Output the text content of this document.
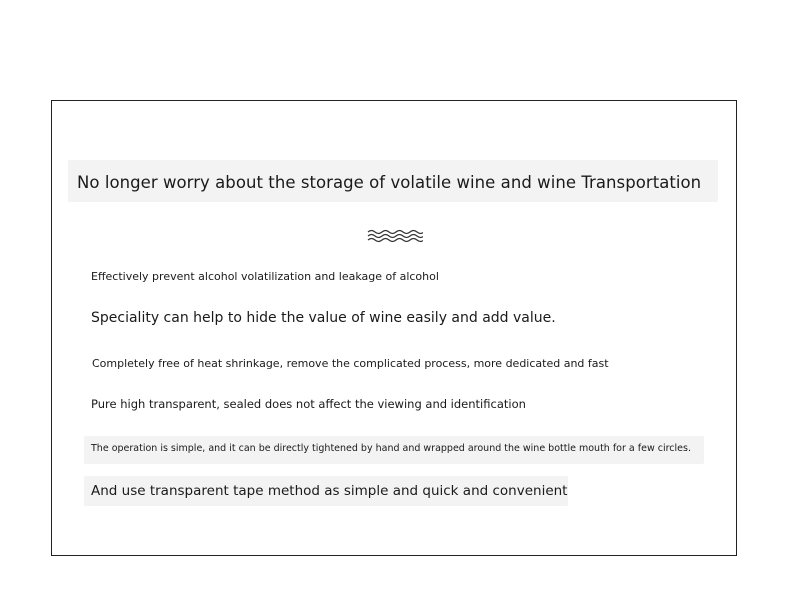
No longer worry about the storage of volatile wine and wine Transportation
Effectively prevent alcohol volatilization and leakage of alcohol
Speciality can help to hide the value of wine easily and add value.
Completely free of heat shrinkage, remove the complicated process, more dedicated and fast
Pure high transparent, sealed does not affect the viewing and identification
The operation is simple, and it can be directly tightened by hand and wrapped around the wine bottle mouth for a few circles.
And use transparent tape method as simple and quick and convenient
